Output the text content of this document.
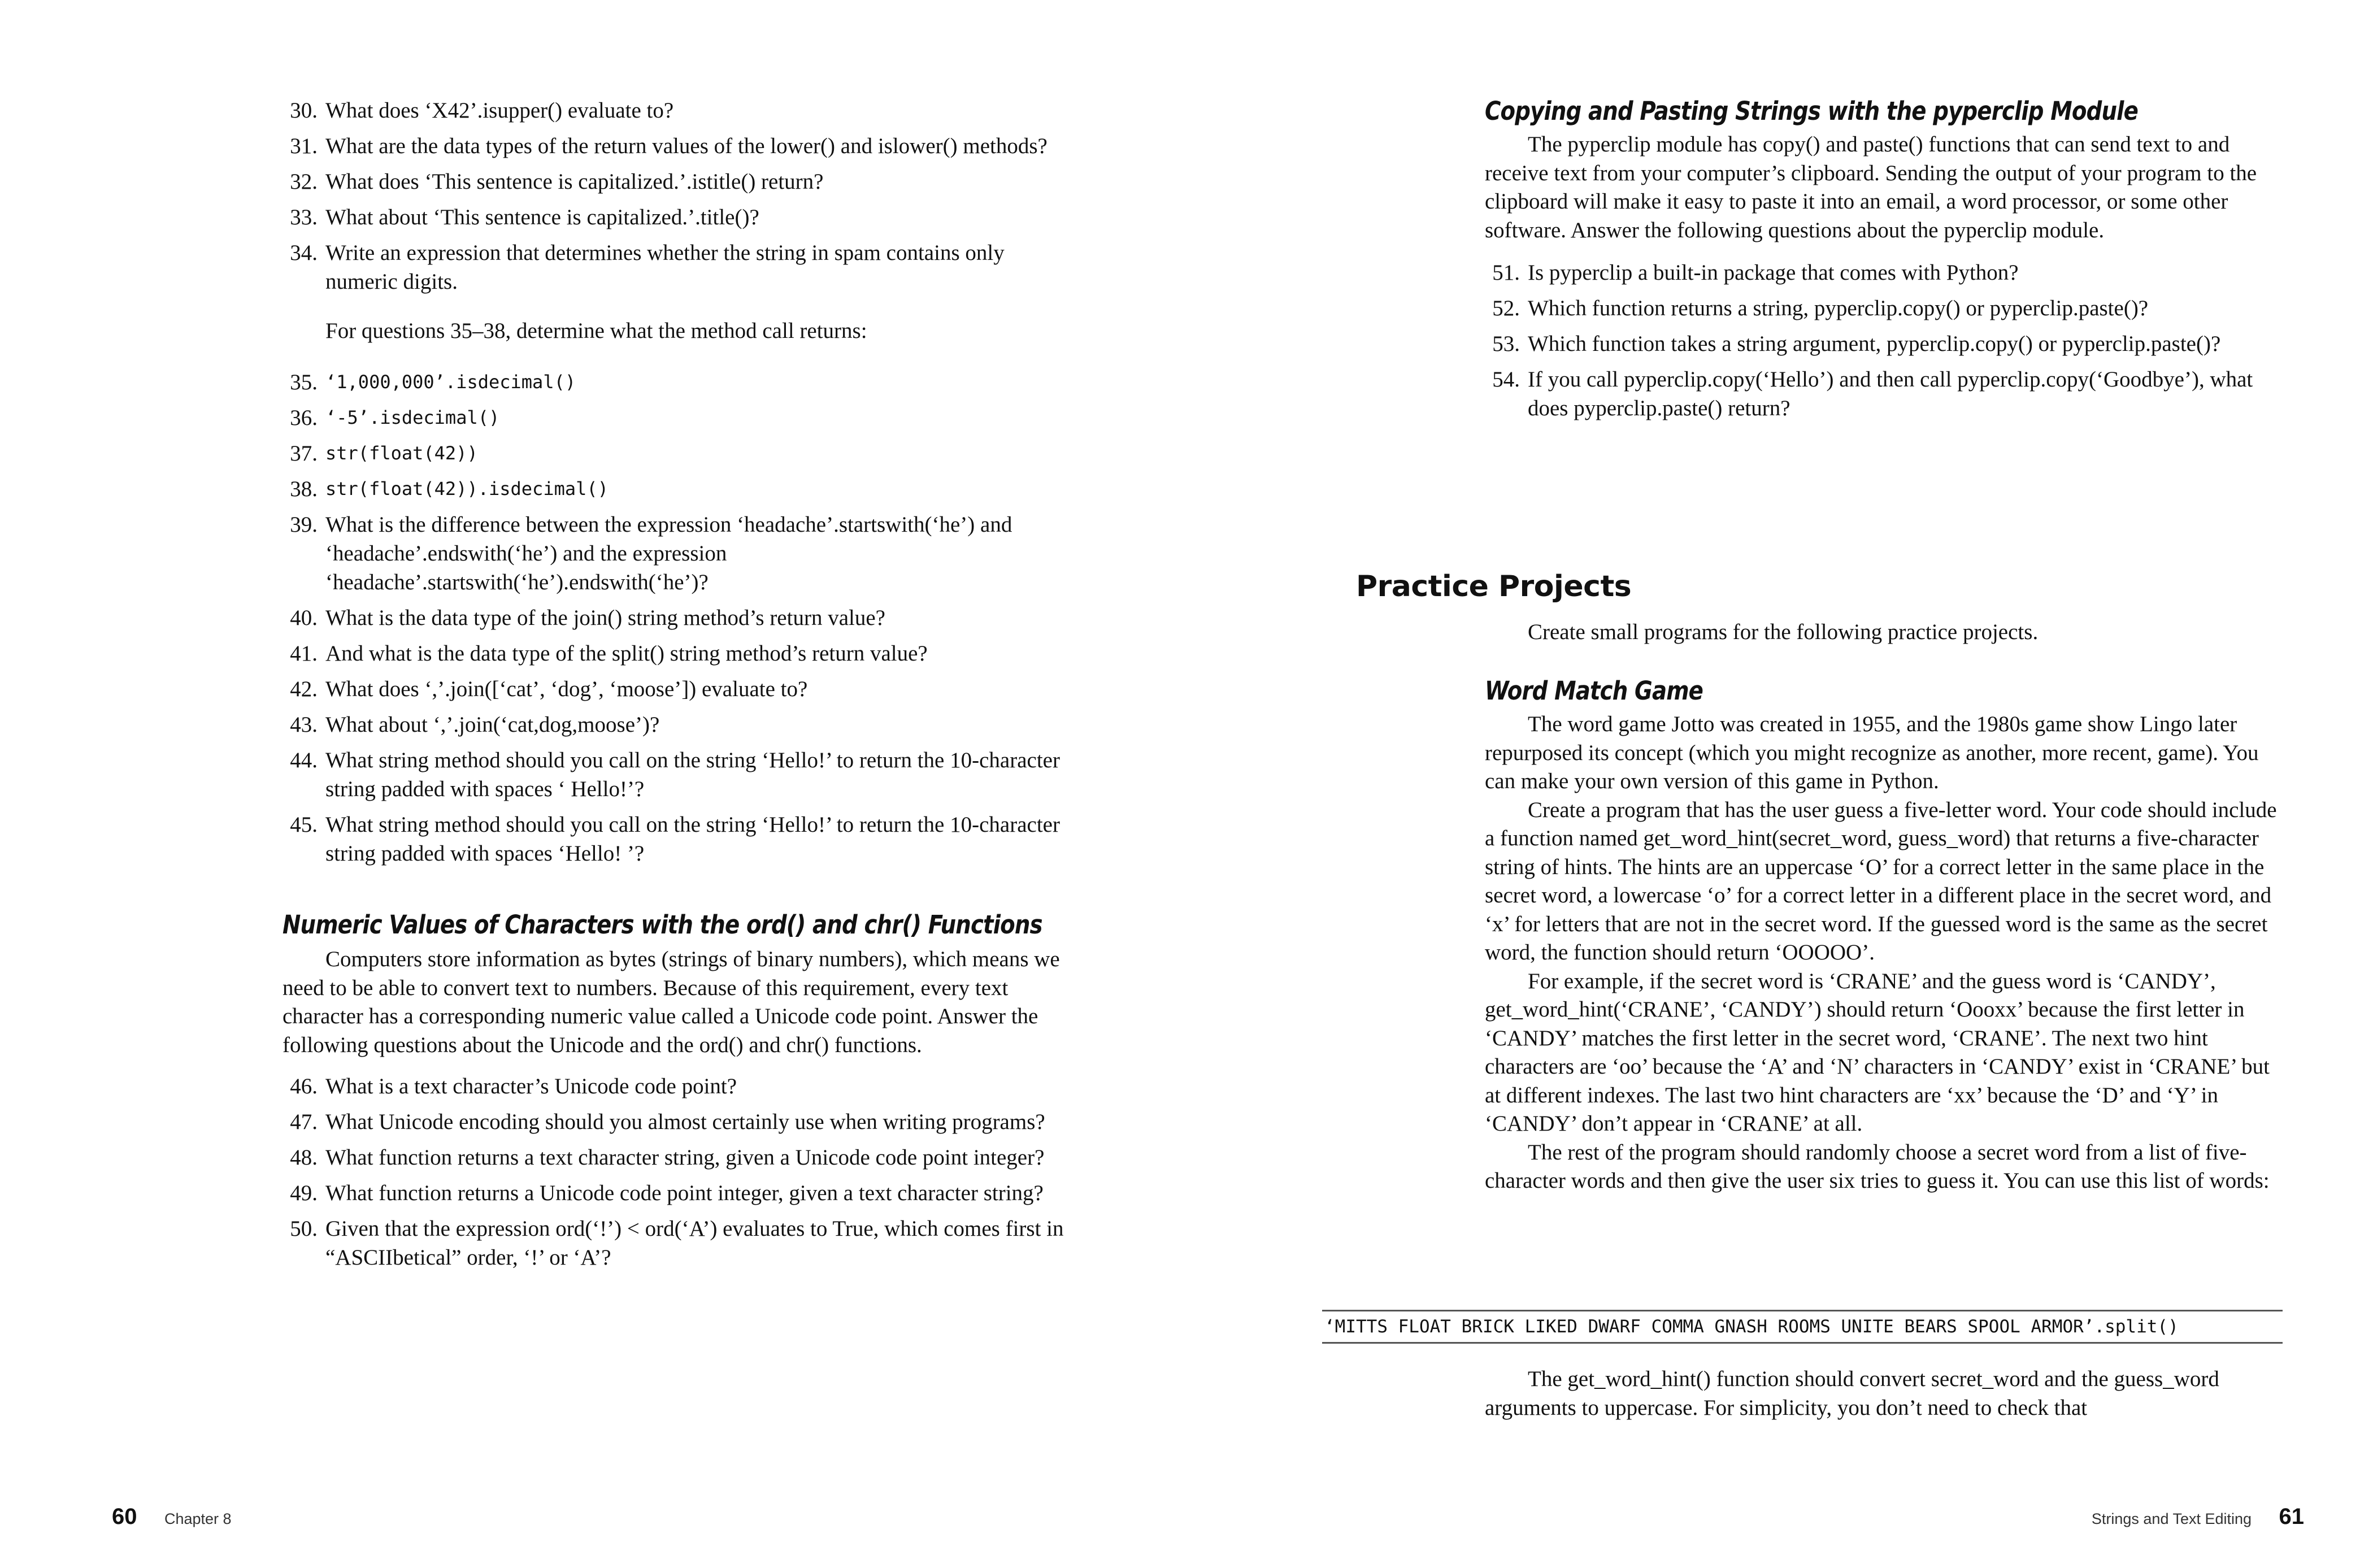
30. What does ‘X42’.isupper() evaluate to?
31. What are the data types of the return values of the lower() and islower() methods?
32. What does ‘This sentence is capitalized.’.istitle() return?
33. What about ‘This sentence is capitalized.’.title()?
34. Write an expression that determines whether the string in spam contains only numeric digits.

For questions 35–38, determine what the method call returns:

35. ‘1,000,000’.isdecimal()
36. ‘-5’.isdecimal()
37. str(float(42))
38. str(float(42)).isdecimal()
39. What is the difference between the expression ‘headache’.startswith(‘he’) and ‘headache’.endswith(‘he’) and the expression ‘headache’.startswith(‘he’).endswith(‘he’)?
40. What is the data type of the join() string method’s return value?
41. And what is the data type of the split() string method’s return value?
42. What does ‘,’.join([‘cat’, ‘dog’, ‘moose’]) evaluate to?
43. What about ‘,’.join(‘cat,dog,moose’)?
44. What string method should you call on the string ‘Hello!’ to return the 10-character string padded with spaces ‘ Hello!’?
45. What string method should you call on the string ‘Hello!’ to return the 10-character string padded with spaces ‘Hello! ’?
Numeric Values of Characters with the ord() and chr() Functions

Computers store information as bytes (strings of binary numbers), which means we need to be able to convert text to numbers. Because of this requirement, every text character has a corresponding numeric value called a Unicode code point. Answer the following questions about the Unicode and the ord() and chr() functions.

46. What is a text character’s Unicode code point?
47. What Unicode encoding should you almost certainly use when writing programs?
48. What function returns a text character string, given a Unicode code point integer?
49. What function returns a Unicode code point integer, given a text character string?
50. Given that the expression ord(‘!’) < ord(‘A’) evaluates to True, which comes first in “ASCIIbetical” order, ‘!’ or ‘A’?
60 Chapter 8
Copying and Pasting Strings with the pyperclip Module

The pyperclip module has copy() and paste() functions that can send text to and receive text from your computer’s clipboard. Sending the output of your program to the clipboard will make it easy to paste it into an email, a word processor, or some other software. Answer the following questions about the pyperclip module.

51. Is pyperclip a built-in package that comes with Python?
52. Which function returns a string, pyperclip.copy() or pyperclip.paste()?
53. Which function takes a string argument, pyperclip.copy() or pyperclip.paste()?
54. If you call pyperclip.copy(‘Hello’) and then call pyperclip.copy(‘Goodbye’), what does pyperclip.paste() return?
Practice Projects

Create small programs for the following practice projects.

Word Match Game

The word game Jotto was created in 1955, and the 1980s game show Lingo later repurposed its concept (which you might recognize as another, more recent, game). You can make your own version of this game in Python.

Create a program that has the user guess a five-letter word. Your code should include a function named get_word_hint(secret_word, guess_word) that returns a five-character string of hints. The hints are an uppercase ‘O’ for a correct letter in the same place in the secret word, a lowercase ‘o’ for a correct letter in a different place in the secret word, and ‘x’ for letters that are not in the secret word. If the guessed word is the same as the secret word, the function should return ‘OOOOO’.

For example, if the secret word is ‘CRANE’ and the guess word is ‘CANDY’, get_word_hint(‘CRANE’, ‘CANDY’) should return ‘Oooxx’ because the first letter in ‘CANDY’ matches the first letter in the secret word, ‘CRANE’. The next two hint characters are ‘oo’ because the ‘A’ and ‘N’ characters in ‘CANDY’ exist in ‘CRANE’ but at different indexes. The last two hint characters are ‘xx’ because the ‘D’ and ‘Y’ in ‘CANDY’ don’t appear in ‘CRANE’ at all.

The rest of the program should randomly choose a secret word from a list of five-character words and then give the user six tries to guess it. You can use this list of words:

‘MITTS FLOAT BRICK LIKED DWARF COMMA GNASH ROOMS UNITE BEARS SPOOL ARMOR’.split()

The get_word_hint() function should convert secret_word and the guess_word arguments to uppercase. For simplicity, you don’t need to check that

Strings and Text Editing 61
